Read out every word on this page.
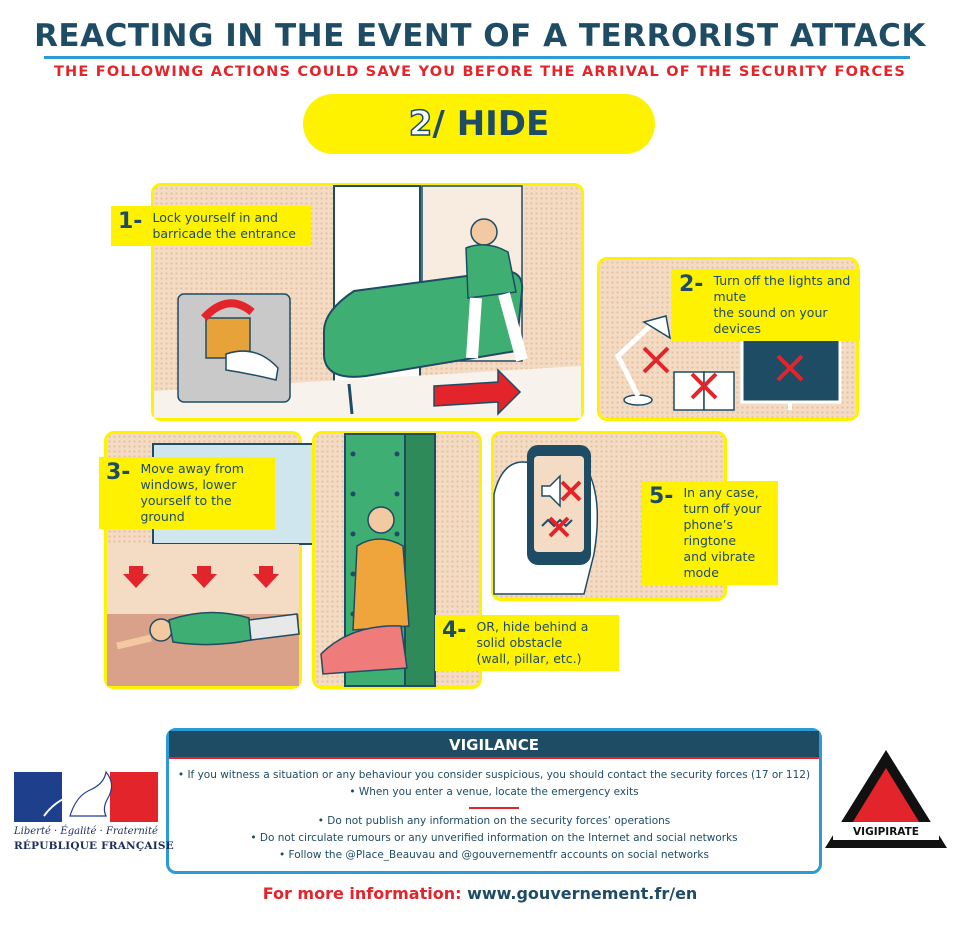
REACTING IN THE EVENT OF A TERRORIST ATTACK
THE FOLLOWING ACTIONS COULD SAVE YOU BEFORE THE ARRIVAL OF THE SECURITY FORCES
2/ HIDE
1- Lock yourself in and
barricade the entrance
2- Turn off the lights and mute
the sound on your devices
3- Move away from
windows, lower
yourself to the ground
4- OR, hide behind a
solid obstacle
(wall, pillar, etc.)
5- In any case,
turn off your
phone’s ringtone
and vibrate mode
VIGILANCE
• If you witness a situation or any behaviour you consider suspicious, you should contact the security forces (17 or 112)
• When you enter a venue, locate the emergency exits
• Do not publish any information on the security forces’ operations
• Do not circulate rumours or any unverified information on the Internet and social networks
• Follow the @Place_Beauvau and @gouvernementfr accounts on social networks
For more information: www.gouvernement.fr/en
Liberté · Égalité · Fraternité
RÉPUBLIQUE FRANÇAISE
VIGIPIRATE
